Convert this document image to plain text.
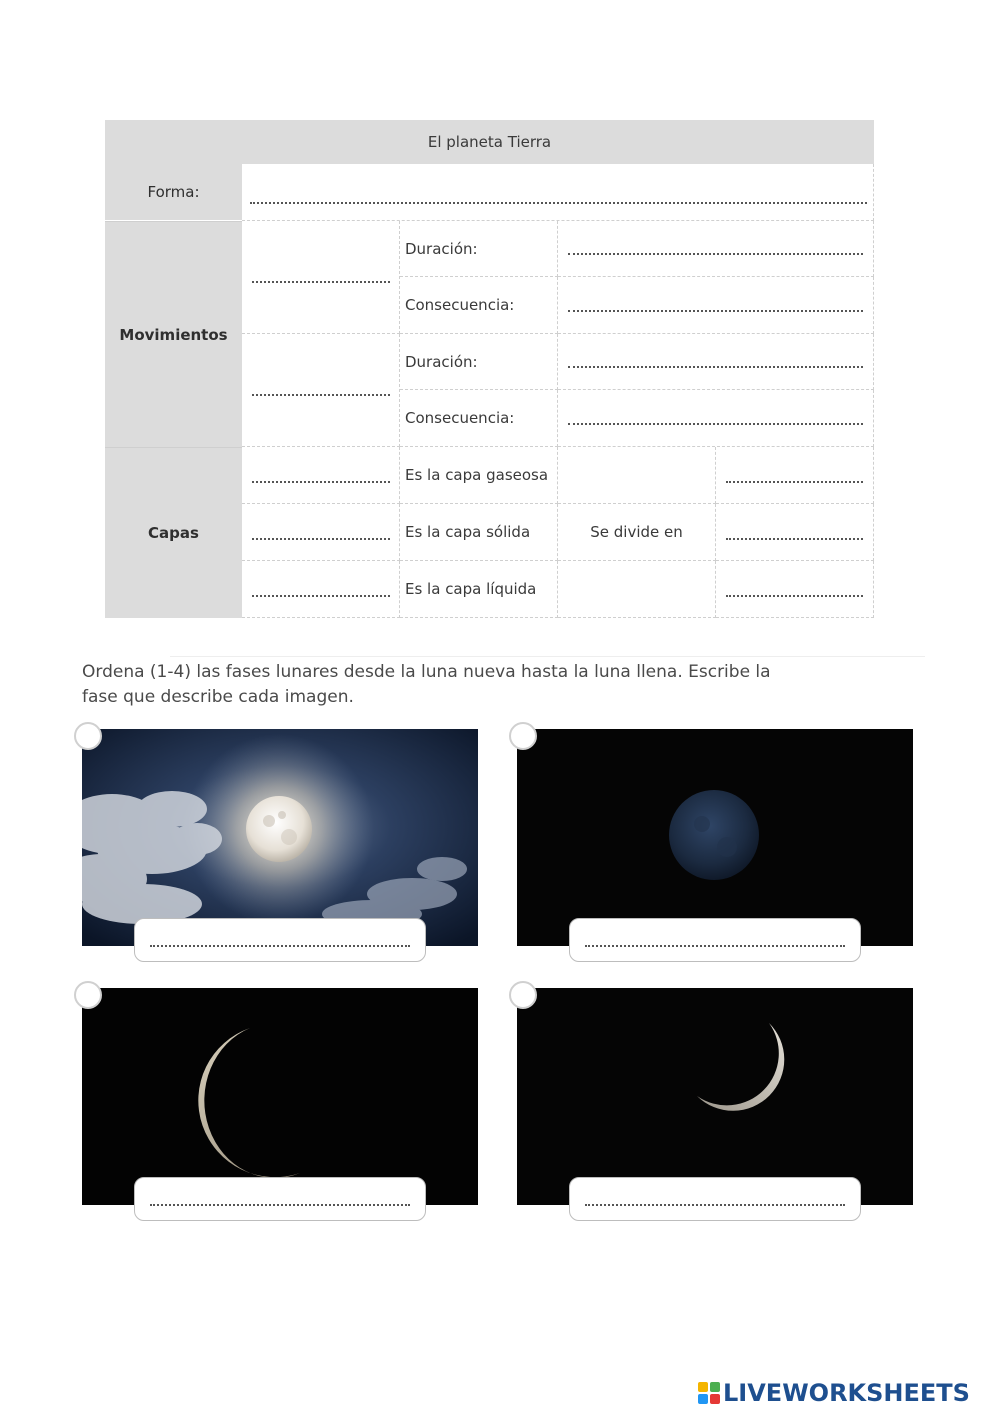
El planeta Tierra
Forma:
Movimientos
Capas
Duración:
Consecuencia:
Duración:
Consecuencia:
Es la capa gaseosa
Es la capa sólida	Se divide en
Es la capa líquida

Ordena (1-4) las fases lunares desde la luna nueva hasta la luna llena. Escribe la
fase que describe cada imagen.

LIVEWORKSHEETS
